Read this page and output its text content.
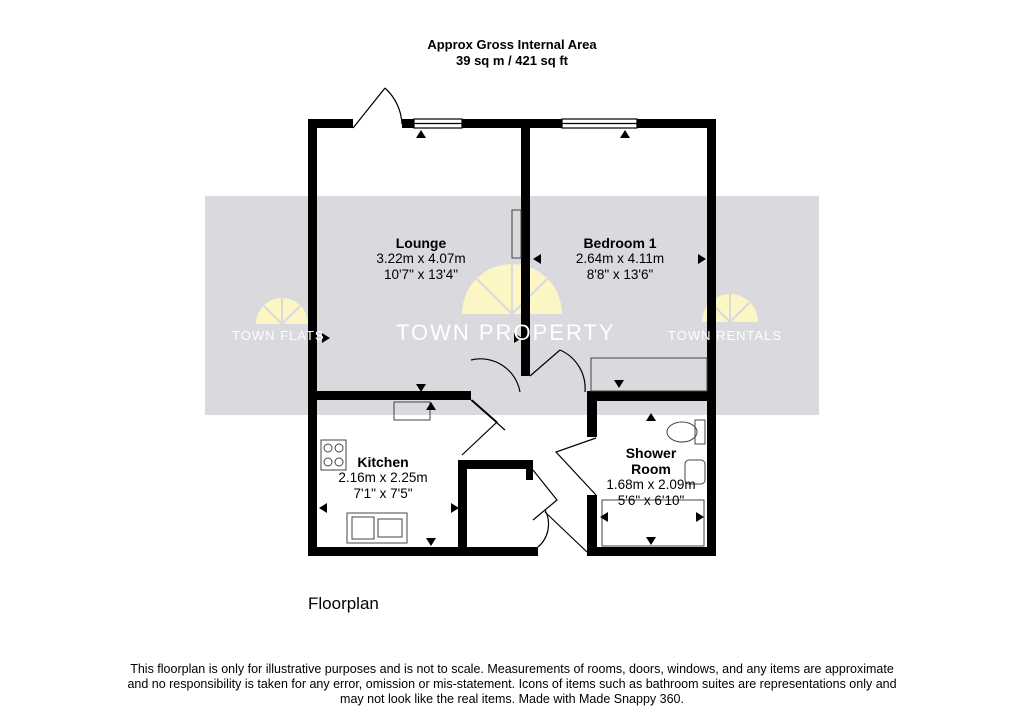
Approx Gross Internal Area
39 sq m / 421 sq ft
TOWN FLATS	TOWN PROPERTY	TOWN RENTALS
Lounge
3.22m x 4.07m
10'7" x 13'4"
Bedroom 1
2.64m x 4.11m
8'8" x 13'6"
Kitchen
2.16m x 2.25m
7'1" x 7'5"
Shower
Room
1.68m x 2.09m
5'6" x 6'10"
Floorplan
This floorplan is only for illustrative purposes and is not to scale. Measurements of rooms, doors, windows, and any items are approximate
and no responsibility is taken for any error, omission or mis-statement. Icons of items such as bathroom suites are representations only and
may not look like the real items. Made with Made Snappy 360.
